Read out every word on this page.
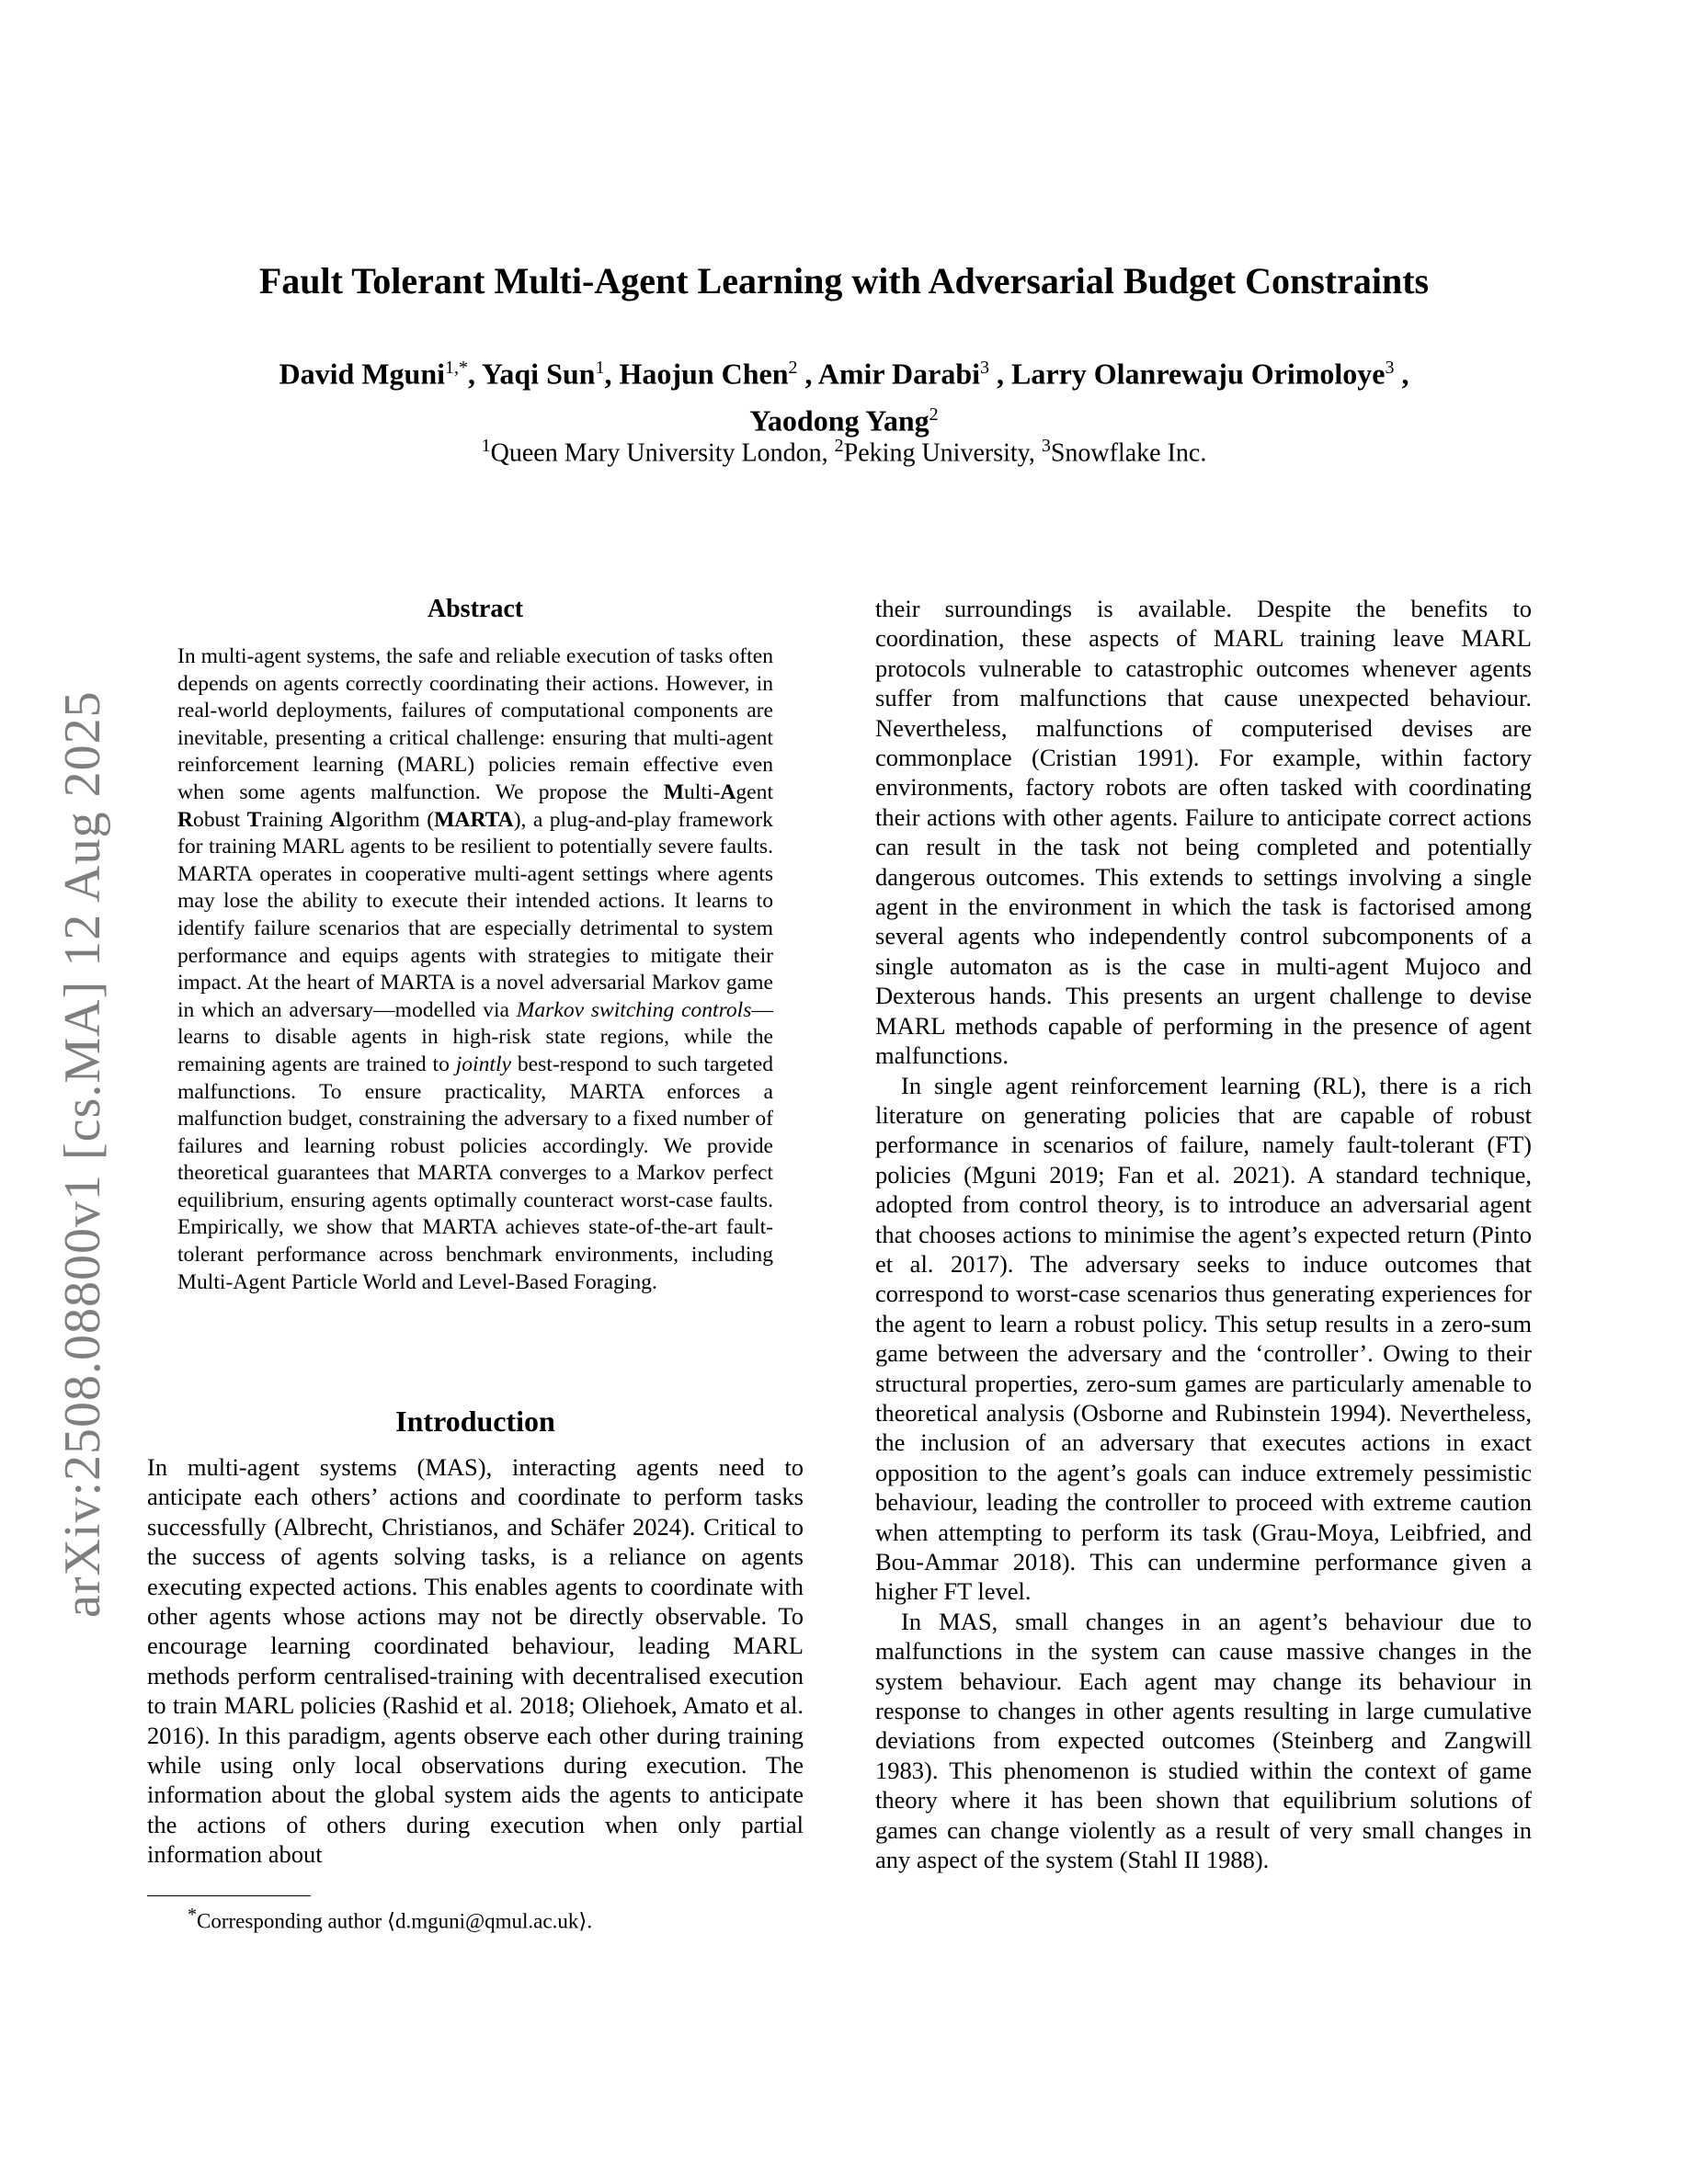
arXiv:2508.08800v1 [cs.MA] 12 Aug 2025
Fault Tolerant Multi-Agent Learning with Adversarial Budget Constraints
David Mguni$^{1,*}$, Yaqi Sun$^1$, Haojun Chen$^2$ , Amir Darabi$^3$ , Larry Olanrewaju Orimoloye$^3$ ,
Yaodong Yang$^2$
$^1$Queen Mary University London, $^2$Peking University, $^3$Snowflake Inc.
Abstract

In multi-agent systems, the safe and reliable execution of tasks often depends on agents correctly coordinating their actions. However, in real-world deployments, failures of computational components are inevitable, presenting a critical challenge: ensuring that multi-agent reinforcement learning (MARL) policies remain effective even when some agents malfunction. We propose the Multi-Agent Robust Training Algorithm (MARTA), a plug-and-play framework for training MARL agents to be resilient to potentially severe faults. MARTA operates in cooperative multi-agent settings where agents may lose the ability to execute their intended actions. It learns to identify failure scenarios that are especially detrimental to system performance and equips agents with strategies to mitigate their impact. At the heart of MARTA is a novel adversarial Markov game in which an adversary—modelled via Markov switching controls—learns to disable agents in high-risk state regions, while the remaining agents are trained to jointly best-respond to such targeted malfunctions. To ensure practicality, MARTA enforces a malfunction budget, constraining the adversary to a fixed number of failures and learning robust policies accordingly. We provide theoretical guarantees that MARTA converges to a Markov perfect equilibrium, ensuring agents optimally counteract worst-case faults. Empirically, we show that MARTA achieves state-of-the-art fault-tolerant performance across benchmark environments, including Multi-Agent Particle World and Level-Based Foraging.

Introduction

In multi-agent systems (MAS), interacting agents need to anticipate each others’ actions and coordinate to perform tasks successfully (Albrecht, Christianos, and Schäfer 2024). Critical to the success of agents solving tasks, is a reliance on agents executing expected actions. This enables agents to coordinate with other agents whose actions may not be directly observable. To encourage learning coordinated behaviour, leading MARL methods perform centralised-training with decentralised execution to train MARL policies (Rashid et al. 2018; Oliehoek, Amato et al. 2016). In this paradigm, agents observe each other during training while using only local observations during execution. The information about the global system aids the agents to anticipate the actions of others during execution when only partial information about

their surroundings is available. Despite the benefits to coordination, these aspects of MARL training leave MARL protocols vulnerable to catastrophic outcomes whenever agents suffer from malfunctions that cause unexpected behaviour. Nevertheless, malfunctions of computerised devises are commonplace (Cristian 1991). For example, within factory environments, factory robots are often tasked with coordinating their actions with other agents. Failure to anticipate correct actions can result in the task not being completed and potentially dangerous outcomes. This extends to settings involving a single agent in the environment in which the task is factorised among several agents who independently control subcomponents of a single automaton as is the case in multi-agent Mujoco and Dexterous hands. This presents an urgent challenge to devise MARL methods capable of performing in the presence of agent malfunctions.

In single agent reinforcement learning (RL), there is a rich literature on generating policies that are capable of robust performance in scenarios of failure, namely fault-tolerant (FT) policies (Mguni 2019; Fan et al. 2021). A standard technique, adopted from control theory, is to introduce an adversarial agent that chooses actions to minimise the agent’s expected return (Pinto et al. 2017). The adversary seeks to induce outcomes that correspond to worst-case scenarios thus generating experiences for the agent to learn a robust policy. This setup results in a zero-sum game between the adversary and the ‘controller’. Owing to their structural properties, zero-sum games are particularly amenable to theoretical analysis (Osborne and Rubinstein 1994). Nevertheless, the inclusion of an adversary that executes actions in exact opposition to the agent’s goals can induce extremely pessimistic behaviour, leading the controller to proceed with extreme caution when attempting to perform its task (Grau-Moya, Leibfried, and Bou-Ammar 2018). This can undermine performance given a higher FT level.

In MAS, small changes in an agent’s behaviour due to malfunctions in the system can cause massive changes in the system behaviour. Each agent may change its behaviour in response to changes in other agents resulting in large cumulative deviations from expected outcomes (Steinberg and Zangwill 1983). This phenomenon is studied within the context of game theory where it has been shown that equilibrium solutions of games can change violently as a result of very small changes in any aspect of the system (Stahl II 1988).

*Corresponding author ⟨d.mguni@qmul.ac.uk⟩.
